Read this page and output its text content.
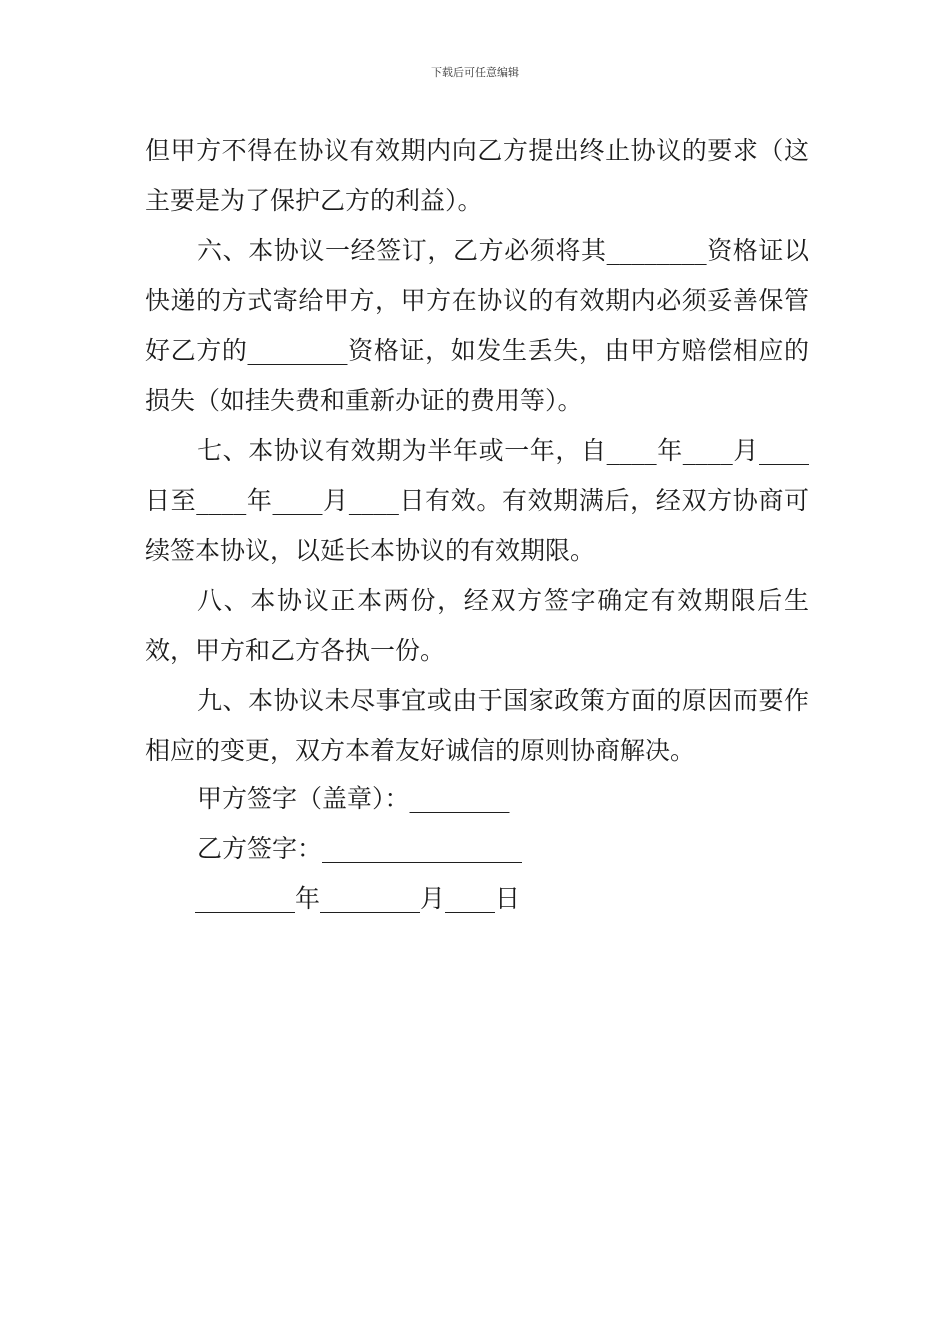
下载后可任意编辑

但甲方不得在协议有效期内向乙方提出终止协议的要求（这主要是为了保护乙方的利益）。

六、本协议一经签订，乙方必须将其________资格证以快递的方式寄给甲方，甲方在协议的有效期内必须妥善保管好乙方的________资格证，如发生丢失，由甲方赔偿相应的损失（如挂失费和重新办证的费用等）。

七、本协议有效期为半年或一年，自____年____月____日至____年____月____日有效。有效期满后，经双方协商可续签本协议，以延长本协议的有效期限。

八、本协议正本两份，经双方签字确定有效期限后生效，甲方和乙方各执一份。

九、本协议未尽事宜或由于国家政策方面的原因而要作相应的变更，双方本着友好诚信的原则协商解决。

甲方签字（盖章）：________
乙方签字：________________
________年________月____日
